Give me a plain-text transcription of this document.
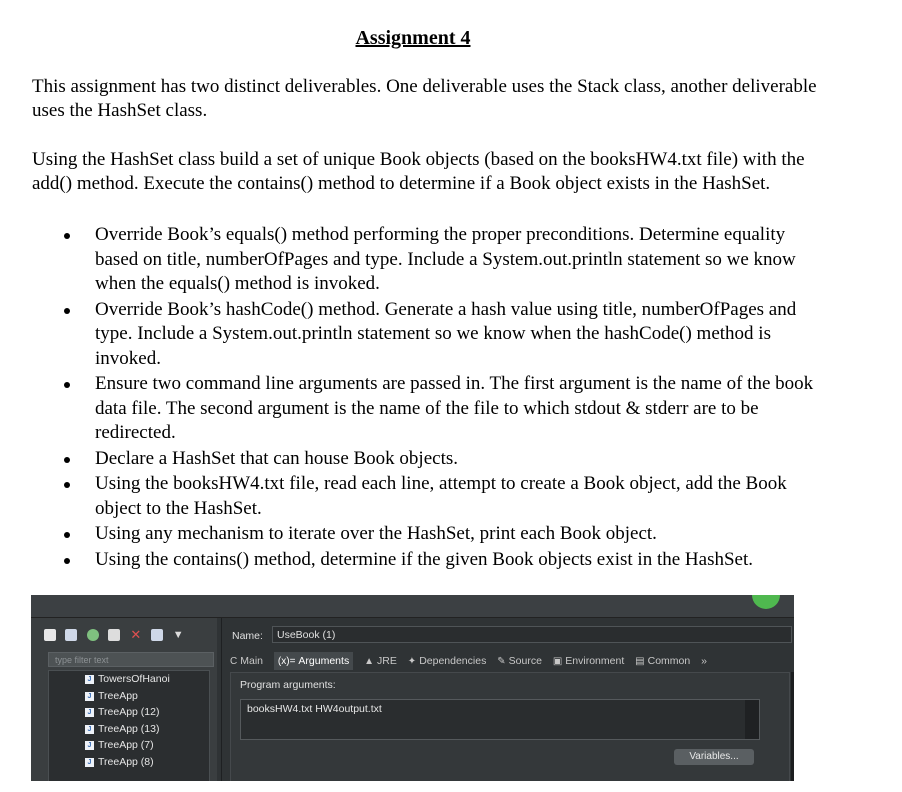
Assignment 4
This assignment has two distinct deliverables. One deliverable uses the Stack class, another deliverable uses the HashSet class.
Using the HashSet class build a set of unique Book objects (based on the booksHW4.txt file) with the add() method. Execute the contains() method to determine if a Book object exists in the HashSet.
Override Book’s equals() method performing the proper preconditions. Determine equality based on title, numberOfPages and type. Include a System.out.println statement so we know when the equals() method is invoked.
Override Book’s hashCode() method. Generate a hash value using title, numberOfPages and type. Include a System.out.println statement so we know when the hashCode() method is invoked.
Ensure two command line arguments are passed in. The first argument is the name of the book data file. The second argument is the name of the file to which stdout & stderr are to be redirected.
Declare a HashSet that can house Book objects.
Using the booksHW4.txt file, read each line, attempt to create a Book object, add the Book object to the HashSet.
Using any mechanism to iterate over the HashSet, print each Book object.
Using the contains() method, determine if the given Book objects exist in the HashSet.
✕	▼
type filter text
J TowersOfHanoi
J TreeApp
J TreeApp (12)
J TreeApp (13)
J TreeApp (7)
J TreeApp (8)
Name:	UseBook (1)
C Main (x)= Arguments ▲ JRE ✦ Dependencies ✎ Source ▣ Environment ▤ Common »
Program arguments:
booksHW4.txt HW4output.txt
Variables...
